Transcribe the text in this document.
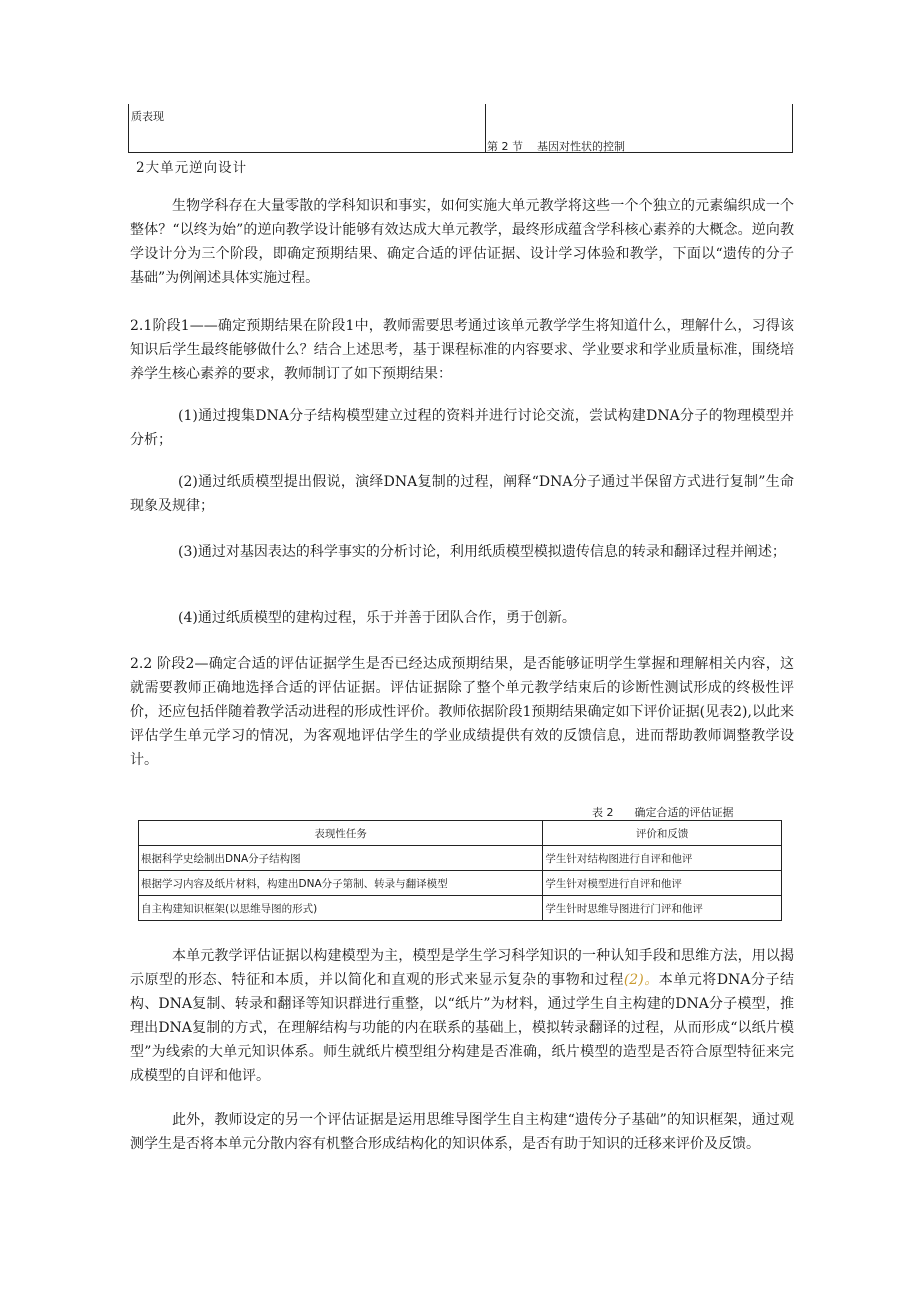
质表现
第 2 节    基因对性状的控制
2大单元逆向设计

生物学科存在大量零散的学科知识和事实，如何实施大单元教学将这些一个个独立的元素编织成一个整体？“以终为始”的逆向教学设计能够有效达成大单元教学，最终形成蕴含学科核心素养的大概念。逆向教学设计分为三个阶段，即确定预期结果、确定合适的评估证据、设计学习体验和教学，下面以“遗传的分子基础”为例阐述具体实施过程。

2.1阶段1——确定预期结果在阶段1中，教师需要思考通过该单元教学学生将知道什么，理解什么，习得该知识后学生最终能够做什么？结合上述思考，基于课程标准的内容要求、学业要求和学业质量标准，围绕培养学生核心素养的要求，教师制订了如下预期结果：

(1)通过搜集DNA分子结构模型建立过程的资料并进行讨论交流，尝试构建DNA分子的物理模型并分析；

(2)通过纸质模型提出假说，演绎DNA复制的过程，阐释“DNA分子通过半保留方式进行复制”生命现象及规律；

(3)通过对基因表达的科学事实的分析讨论，利用纸质模型模拟遗传信息的转录和翻译过程并阐述；

(4)通过纸质模型的建构过程，乐于并善于团队合作，勇于创新。

2.2 阶段2—确定合适的评估证据学生是否已经达成预期结果，是否能够证明学生掌握和理解相关内容，这就需要教师正确地选择合适的评估证据。评估证据除了整个单元教学结束后的诊断性测试形成的终极性评价，还应包括伴随着教学活动进程的形成性评价。教师依据阶段1预期结果确定如下评价证据(见表2),以此来评估学生单元学习的情况，为客观地评估学生的学业成绩提供有效的反馈信息，进而帮助教师调整教学设计。

表 2      确定合适的评估证据
表现性任务	评价和反馈
根据科学史绘制出DNA分子结构图	学生针对结构图进行自评和他评
根据学习内容及纸片材料，构建出DNA分子第制、转录与翻译模型	学生针对模型进行自评和他评
自主构建知识框架(以思维导图的形式)	学生针时思维导图进行门评和他评

本单元教学评估证据以构建模型为主，模型是学生学习科学知识的一种认知手段和思维方法，用以揭示原型的形态、特征和本质，并以简化和直观的形式来显示复杂的事物和过程(2)。本单元将DNA分子结构、DNA复制、转录和翻译等知识群进行重整，以“纸片”为材料，通过学生自主构建的DNA分子模型，推理出DNA复制的方式，在理解结构与功能的内在联系的基础上，模拟转录翻译的过程，从而形成“以纸片模型”为线索的大单元知识体系。师生就纸片模型组分构建是否准确，纸片模型的造型是否符合原型特征来完成模型的自评和他评。

此外，教师设定的另一个评估证据是运用思维导图学生自主构建“遗传分子基础”的知识框架，通过观测学生是否将本单元分散内容有机整合形成结构化的知识体系，是否有助于知识的迁移来评价及反馈。
